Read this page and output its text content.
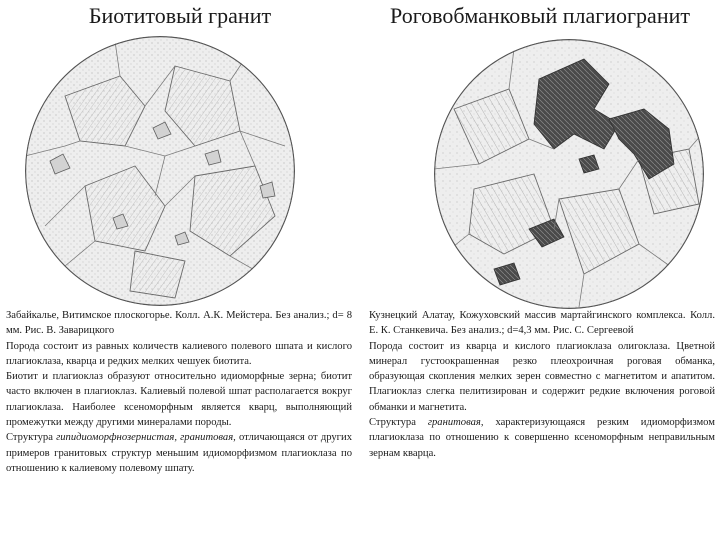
Биотитовый гранит

Забайкалье, Витимское плоскогорье. Колл. А.К. Мейстера. Без анализ.; d= 8 мм. Рис. В. Заварицкого

Порода состоит из равных количеств калиевого полевого шпата и кислого плагиоклаза, кварца и редких мелких чешуек биотита.

Биотит и плагиоклаз образуют относительно идиоморфные зерна; биотит часто включен в плагиоклаз. Калиевый полевой шпат располагается вокруг плагиоклаза. Наиболее ксеноморфным является кварц, выполняющий промежутки между другими минералами породы.

Структура гипидиоморфнозернистая, гранитовая, отличающаяся от других примеров гранитовых структур меньшим идиоморфизмом плагиоклаза по отношению к калиевому полевому шпату.

Роговобманковый плагиогранит

Кузнецкий Алатау, Кожуховский массив мартайгинского комплекса. Колл. Е. К. Станкевича. Без анализ.; d=4,3 мм. Рис. С. Сергеевой

Порода состоит из кварца и кислого плагиоклаза олигоклаза. Цветной минерал густоокрашенная резко плеохроичная роговая обманка, образующая скопления мелких зерен совместно с магнетитом и апатитом. Плагиоклаз слегка пелитизирован и содержит редкие включения роговой обманки и магнетита.

Структура гранитовая, характеризующаяся резким идиоморфизмом плагиоклаза по отношению к совершенно ксеноморфным неправильным зернам кварца.
